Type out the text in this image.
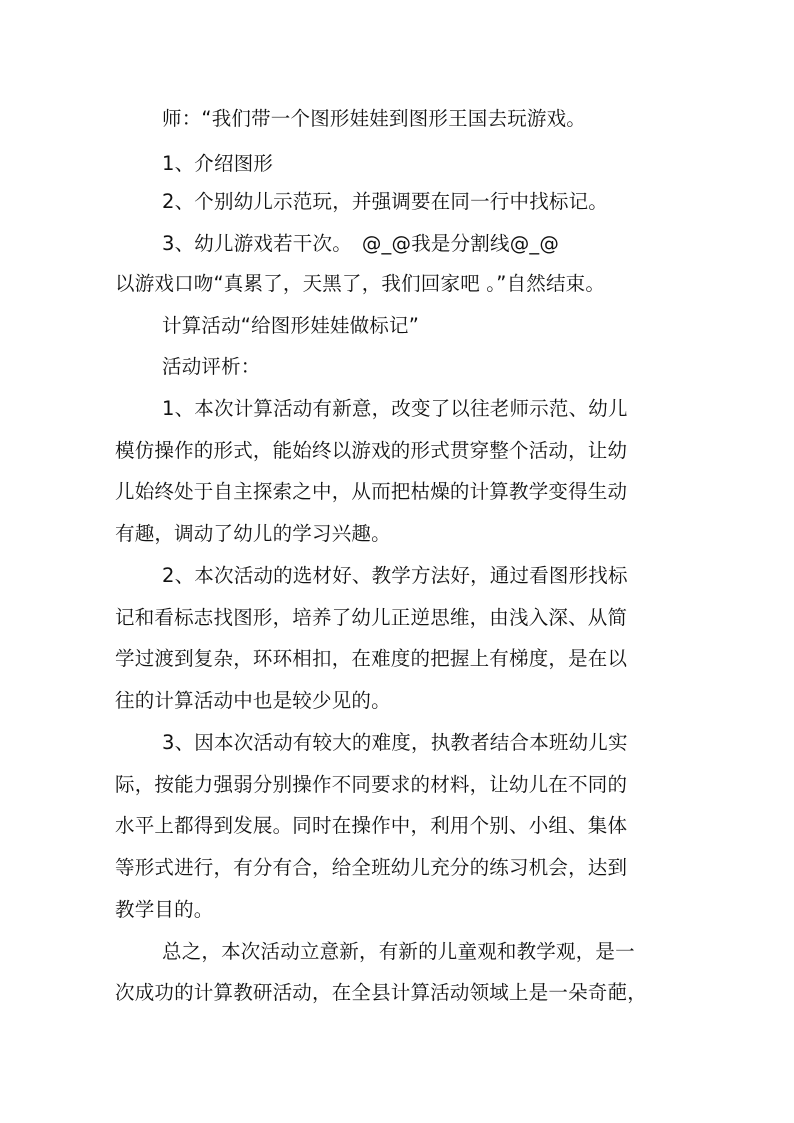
师：“我们带一个图形娃娃到图形王国去玩游戏。
1、介绍图形
2、个别幼儿示范玩，并强调要在同一行中找标记。
3、幼儿游戏若干次。　@_@我是分割线@_@
以游戏口吻“真累了，天黑了，我们回家吧 。”自然结束。
计算活动“给图形娃娃做标记”
活动评析：
1、本次计算活动有新意，改变了以往老师示范、幼儿
模仿操作的形式，能始终以游戏的形式贯穿整个活动，让幼
儿始终处于自主探索之中，从而把枯燥的计算教学变得生动
有趣，调动了幼儿的学习兴趣。
2、本次活动的选材好、教学方法好，通过看图形找标
记和看标志找图形，培养了幼儿正逆思维，由浅入深、从简
学过渡到复杂，环环相扣，在难度的把握上有梯度，是在以
往的计算活动中也是较少见的。
3、因本次活动有较大的难度，执教者结合本班幼儿实
际，按能力强弱分别操作不同要求的材料，让幼儿在不同的
水平上都得到发展。同时在操作中，利用个别、小组、集体
等形式进行，有分有合，给全班幼儿充分的练习机会，达到
教学目的。
总之，本次活动立意新，有新的儿童观和教学观，是一
次成功的计算教研活动，在全县计算活动领域上是一朵奇葩，
